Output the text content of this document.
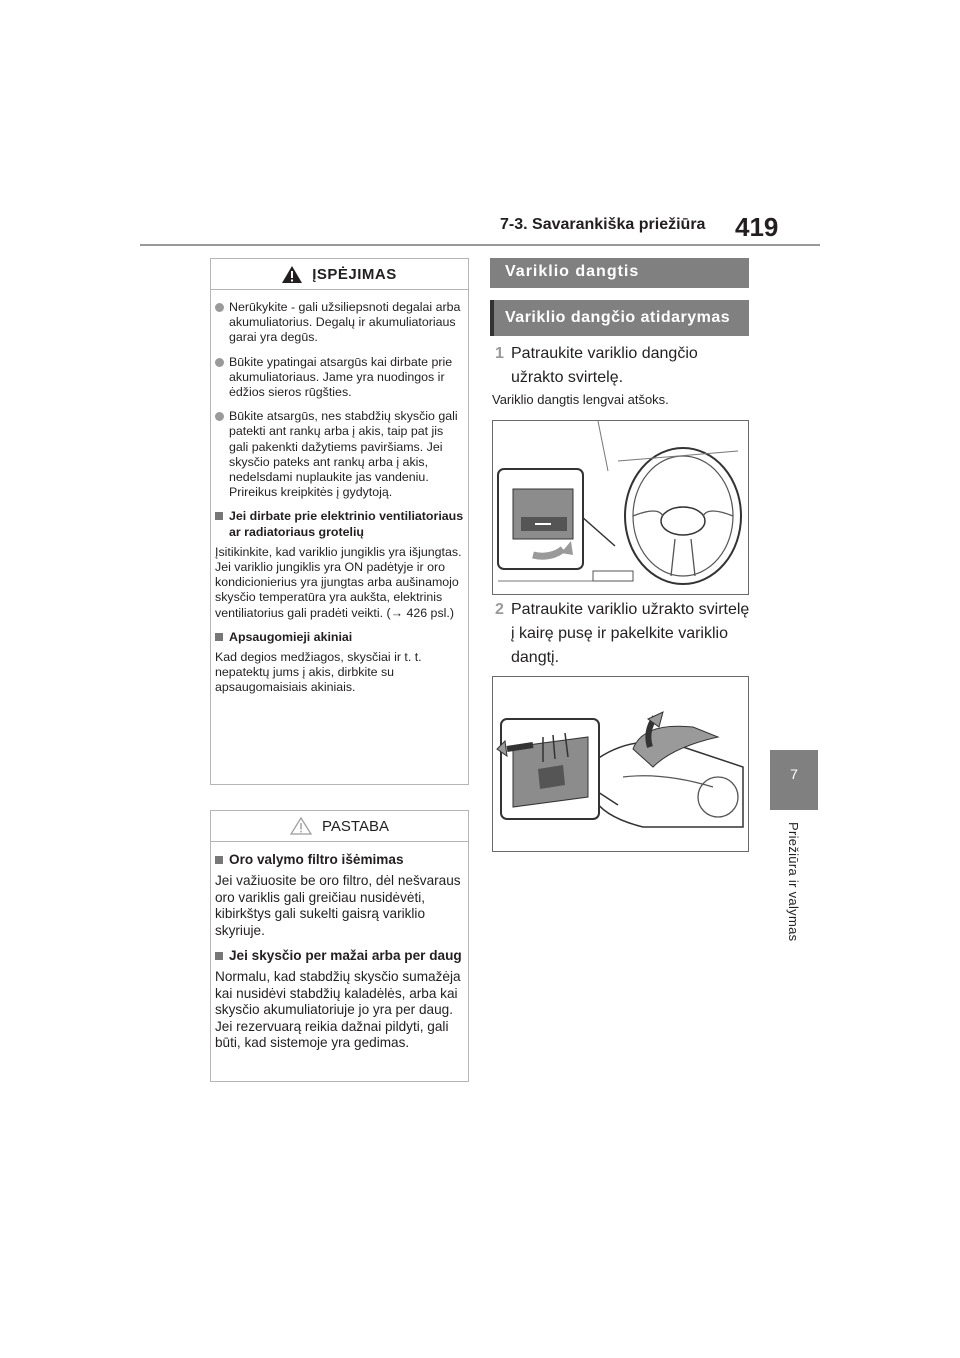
7-3. Savarankiška priežiūra 419
7
Priežiūra ir valymas
ĮSPĖJIMAS
Nerūkykite - gali užsiliepsnoti degalai arba akumuliatorius. Degalų ir akumuliatoriaus garai yra degūs.
Būkite ypatingai atsargūs kai dirbate prie akumuliatoriaus. Jame yra nuodingos ir ėdžios sieros rūgšties.
Būkite atsargūs, nes stabdžių skysčio gali patekti ant rankų arba į akis, taip pat jis gali pakenkti dažytiems paviršiams. Jei skysčio pateks ant rankų arba į akis, nedelsdami nuplaukite jas vandeniu. Prireikus kreipkitės į gydytoją.
Jei dirbate prie elektrinio ventiliatoriaus ar radiatoriaus grotelių
Įsitikinkite, kad variklio jungiklis yra išjungtas. Jei variklio jungiklis yra ON padėtyje ir oro kondicionierius yra įjungtas arba aušinamojo skysčio temperatūra yra aukšta, elektrinis ventiliatorius gali pradėti veikti. (→ 426 psl.)
Apsaugomieji akiniai
Kad degios medžiagos, skysčiai ir t. t. nepatektų jums į akis, dirbkite su apsaugomaisiais akiniais.
PASTABA
Oro valymo filtro išėmimas
Jei važiuosite be oro filtro, dėl nešvaraus oro variklis gali greičiau nusidėvėti, kibirkštys gali sukelti gaisrą variklio skyriuje.
Jei skysčio per mažai arba per daug
Normalu, kad stabdžių skysčio sumažėja kai nusidėvi stabdžių kaladėlės, arba kai skysčio akumuliatoriuje jo yra per daug. Jei rezervuarą reikia dažnai pildyti, gali būti, kad sistemoje yra gedimas.
Variklio dangtis
Variklio dangčio atidarymas
1 Patraukite variklio dangčio užrakto svirtelę.
Variklio dangtis lengvai atšoks.
2 Patraukite variklio užrakto svirtelę į kairę pusę ir pakelkite variklio dangtį.
